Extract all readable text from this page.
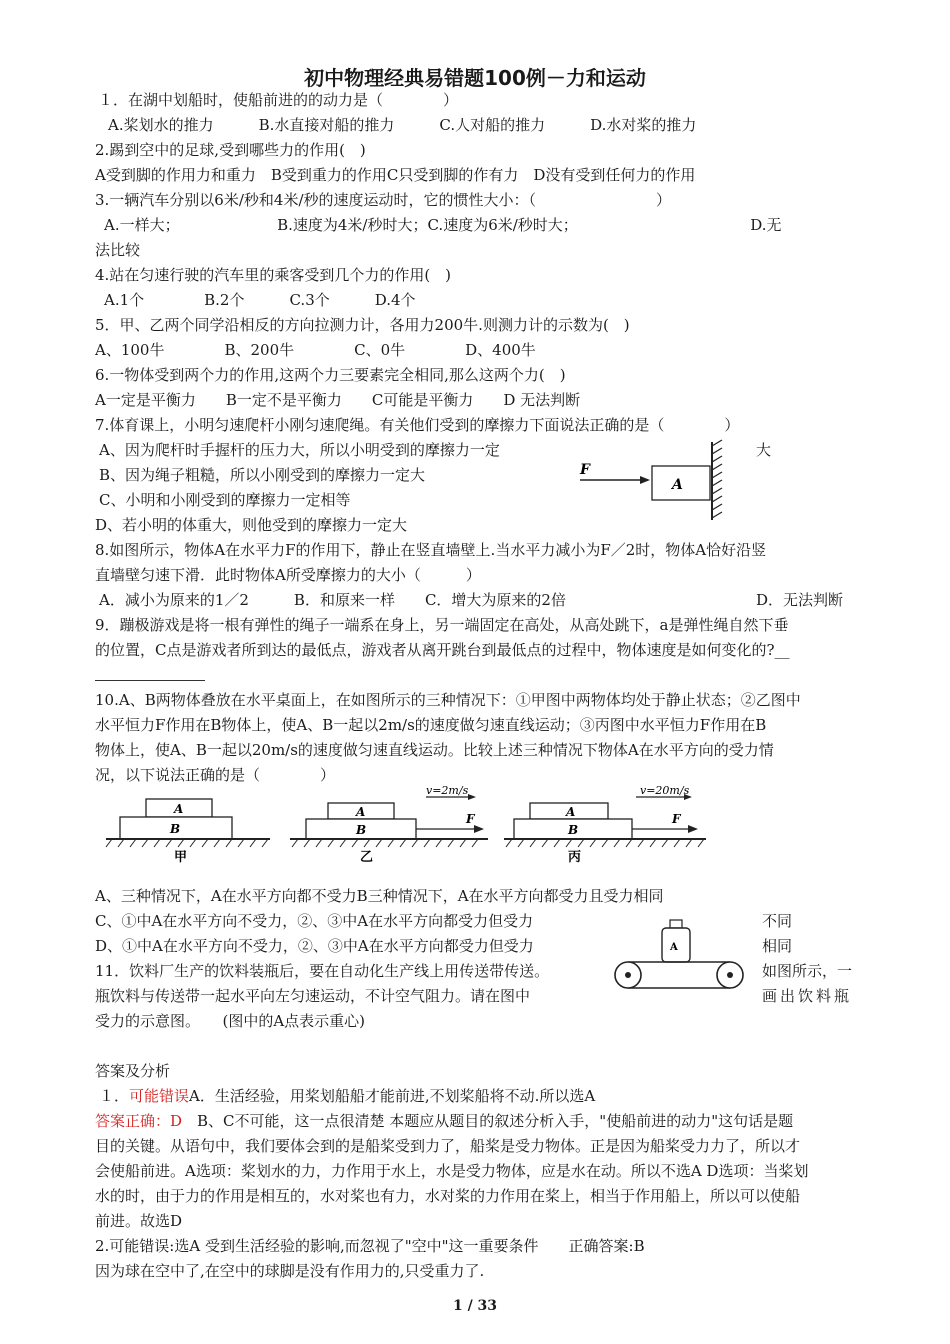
初中物理经典易错题100例－力和运动
１．在湖中划船时，使船前进的的动力是（　　　　）
A.桨划水的推力　　　B.水直接对船的推力　　　C.人对船的推力　　　D.水对桨的推力
2.踢到空中的足球,受到哪些力的作用(　)
A受到脚的作用力和重力　B受到重力的作用C只受到脚的作有力　D没有受到任何力的作用
3.一辆汽车分别以6米/秒和4米/秒的速度运动时，它的惯性大小：（　　　　　　　　）
A.一样大；　　　　　　　B.速度为4米/秒时大；C.速度为6米/秒时大；　　　　　　　　　　　　D.无
法比较
4.站在匀速行驶的汽车里的乘客受到几个力的作用(　)
A.1个　　　　B.2个　　　C.3个　　　D.4个
5．甲、乙两个同学沿相反的方向拉测力计，各用力200牛.则测力计的示数为(　)
A、100牛　　　　B、200牛　　　　C、0牛　　　　D、400牛
6.一物体受到两个力的作用,这两个力三要素完全相同,那么这两个力(　)
A一定是平衡力　　B一定不是平衡力　　C可能是平衡力　　D 无法判断
7.体育课上，小明匀速爬杆小刚匀速爬绳。有关他们受到的摩擦力下面说法正确的是（　　　　）
A、因为爬杆时手握杆的压力大，所以小明受到的摩擦力一定	大
B、因为绳子粗糙，所以小刚受到的摩擦力一定大
C、小明和小刚受到的摩擦力一定相等
D、若小明的体重大，则他受到的摩擦力一定大
F
A
8.如图所示，物体A在水平力F的作用下，静止在竖直墙壁上.当水平力减小为F／2时，物体A恰好沿竖
直墙壁匀速下滑．此时物体A所受摩擦力的大小（　　　）
A．减小为原来的1／2　　　B．和原来一样　　C．增大为原来的2倍	D．无法判断
9．蹦极游戏是将一根有弹性的绳子一端系在身上，另一端固定在高处，从高处跳下，a是弹性绳自然下垂
的位置，C点是游戏者所到达的最低点，游戏者从离开跳台到最低点的过程中，物体速度是如何变化的?__
10.A、B两物体叠放在水平桌面上，在如图所示的三种情况下：①甲图中两物体均处于静止状态；②乙图中
水平恒力F作用在B物体上，使A、B一起以2m/s的速度做匀速直线运动；③丙图中水平恒力F作用在B
物体上，使A、B一起以20m/s的速度做匀速直线运动。比较上述三种情况下物体A在水平方向的受力情
况，以下说法正确的是（　　　　）
A
B
甲
A
B
F
v=2m/s
乙
A
B
F
v=20m/s
丙
A、三种情况下，A在水平方向都不受力B三种情况下，A在水平方向都受力且受力相同
C、①中A在水平方向不受力，②、③中A在水平方向都受力但受力	不同
D、①中A在水平方向不受力，②、③中A在水平方向都受力但受力	相同
11．饮料厂生产的饮料装瓶后，要在自动化生产线上用传送带传送。	如图所示，一
瓶饮料与传送带一起水平向左匀速运动，不计空气阻力。请在图中	画出饮料瓶
受力的示意图。　　(图中的A点表示重心)
A
答案及分析
１．可能错误A．生活经验，用桨划船船才能前进,不划桨船将不动.所以选A
答案正确：D　B、C不可能，这一点很清楚 本题应从题目的叙述分析入手，"使船前进的动力"这句话是题
目的关键。从语句中，我们要体会到的是船桨受到力了，船桨是受力物体。正是因为船桨受力力了，所以才
会使船前进。A选项：桨划水的力，力作用于水上，水是受力物体，应是水在动。所以不选A D选项：当桨划
水的时，由于力的作用是相互的，水对桨也有力，水对桨的力作用在桨上，相当于作用船上，所以可以使船
前进。故选D
2.可能错误:选A 受到生活经验的影响,而忽视了"空中"这一重要条件　　正确答案:B
因为球在空中了,在空中的球脚是没有作用力的,只受重力了.
1 / 33
